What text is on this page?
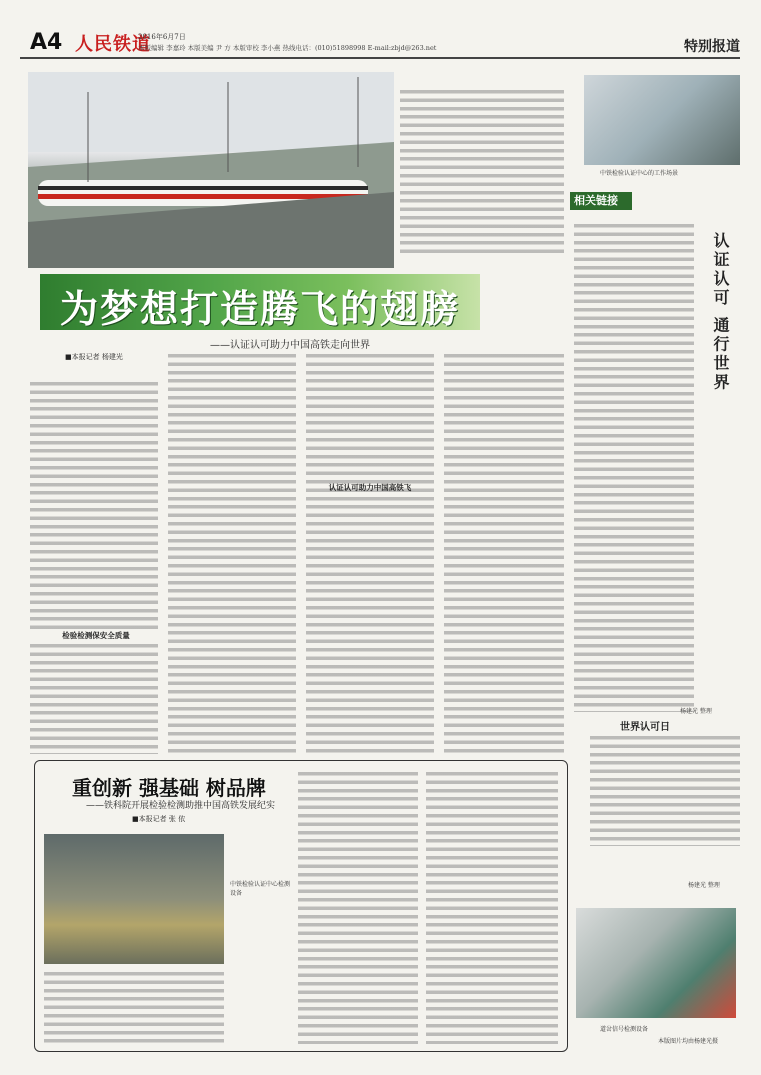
A4 人民铁道
2016年6月7日
本版编辑 李嘉玲 本版美编 尹 方 本版审校 李小燕 热线电话：(010)51898998 E-mail:zbjd@263.net	特别报道
为梦想打造腾飞的翅膀
——认证认可助力中国高铁走向世界
■本报记者 杨建光
检验检测保安全质量
认证认可助力中国高铁飞
中铁检验认证中心的工作场景
相关链接
认证认可 通行世界
杨建光 整理
世界认可日
杨建光 整理
道岔信号检测设备
本版图片均由杨建光摄
重创新 强基础 树品牌
——铁科院开展检验检测助推中国高铁发展纪实
■本报记者 张 依
中铁检验认证中心检测设备
